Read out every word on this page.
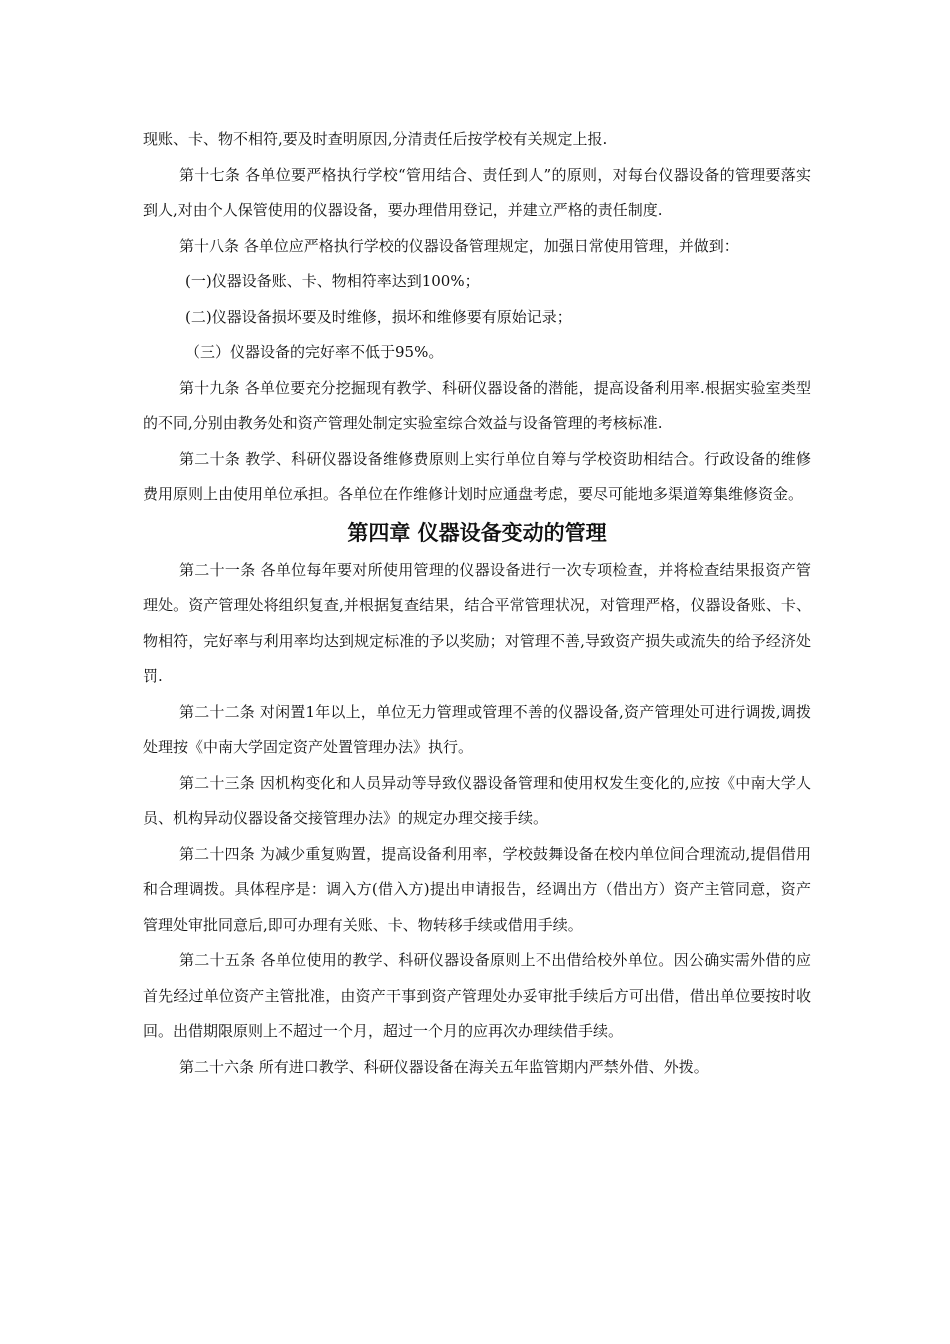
现账、卡、物不相符,要及时查明原因,分清责任后按学校有关规定上报.

第十七条 各单位要严格执行学校“管用结合、责任到人”的原则，对每台仪器设备的管理要落实到人,对由个人保管使用的仪器设备，要办理借用登记，并建立严格的责任制度.

第十八条 各单位应严格执行学校的仪器设备管理规定，加强日常使用管理，并做到：

(一)仪器设备账、卡、物相符率达到100%；

(二)仪器设备损坏要及时维修，损坏和维修要有原始记录；

（三）仪器设备的完好率不低于95%。

第十九条 各单位要充分挖掘现有教学、科研仪器设备的潜能，提高设备利用率.根据实验室类型的不同,分别由教务处和资产管理处制定实验室综合效益与设备管理的考核标准.

第二十条 教学、科研仪器设备维修费原则上实行单位自筹与学校资助相结合。行政设备的维修费用原则上由使用单位承担。各单位在作维修计划时应通盘考虑，要尽可能地多渠道筹集维修资金。

第四章 仪器设备变动的管理

第二十一条 各单位每年要对所使用管理的仪器设备进行一次专项检查，并将检查结果报资产管理处。资产管理处将组织复查,并根据复查结果，结合平常管理状况，对管理严格，仪器设备账、卡、物相符，完好率与利用率均达到规定标准的予以奖励；对管理不善,导致资产损失或流失的给予经济处罚.

第二十二条 对闲置1年以上，单位无力管理或管理不善的仪器设备,资产管理处可进行调拨,调拨处理按《中南大学固定资产处置管理办法》执行。

第二十三条 因机构变化和人员异动等导致仪器设备管理和使用权发生变化的,应按《中南大学人员、机构异动仪器设备交接管理办法》的规定办理交接手续。

第二十四条 为减少重复购置，提高设备利用率，学校鼓舞设备在校内单位间合理流动,提倡借用和合理调拨。具体程序是：调入方(借入方)提出申请报告，经调出方（借出方）资产主管同意，资产管理处审批同意后,即可办理有关账、卡、物转移手续或借用手续。

第二十五条 各单位使用的教学、科研仪器设备原则上不出借给校外单位。因公确实需外借的应首先经过单位资产主管批准，由资产干事到资产管理处办妥审批手续后方可出借，借出单位要按时收回。出借期限原则上不超过一个月，超过一个月的应再次办理续借手续。

第二十六条 所有进口教学、科研仪器设备在海关五年监管期内严禁外借、外拨。
